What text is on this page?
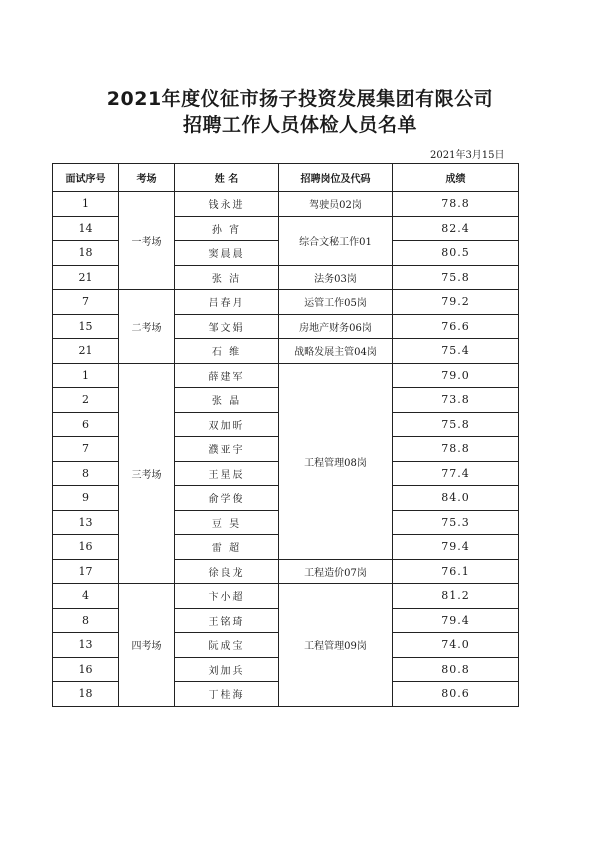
2021年度仪征市扬子投资发展集团有限公司
招聘工作人员体检人员名单
2021年3月15日
面试序号	考场	姓 名	招聘岗位及代码	成绩
1	一考场	钱永进	驾驶员02岗	78.8
14		孙 宵	综合文秘工作01	82.4
18		窦晨晨		80.5
21		张 洁	法务03岗	75.8
7	二考场	吕春月	运管工作05岗	79.2
15		邹文娟	房地产财务06岗	76.6
21		石 维	战略发展主管04岗	75.4
1	三考场	薛建军	工程管理08岗	79.0
2		张 晶		73.8
6		双加昕		75.8
7		濮亚宇		78.8
8		王星辰		77.4
9		俞学俊		84.0
13		豆 昊		75.3
16		雷 超		79.4
17		徐良龙	工程造价07岗	76.1
4	四考场	卞小超	工程管理09岗	81.2
8		王铭琦		79.4
13		阮成宝		74.0
16		刘加兵		80.8
18		丁桂海		80.6
